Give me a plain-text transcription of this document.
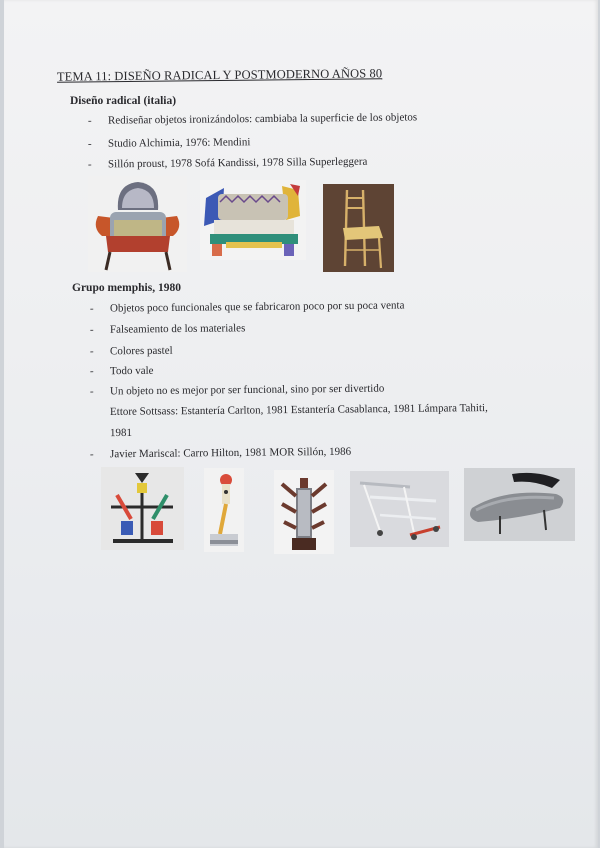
TEMA 11: DISEÑO RADICAL Y POSTMODERNO AÑOS 80
Diseño radical (italia)
- Rediseñar objetos ironizándolos: cambiaba la superficie de los objetos
- Studio Alchimia, 1976: Mendini
- Sillón proust, 1978 Sofá Kandissi, 1978 Silla Superleggera
Grupo memphis, 1980
- Objetos poco funcionales que se fabricaron poco por su poca venta
- Falseamiento de los materiales
- Colores pastel
- Todo vale
- Un objeto no es mejor por ser funcional, sino por ser divertido
Ettore Sottsass: Estantería Carlton, 1981 Estantería Casablanca, 1981 Lámpara Tahiti,
1981
- Javier Mariscal: Carro Hilton, 1981 MOR Sillón, 1986
